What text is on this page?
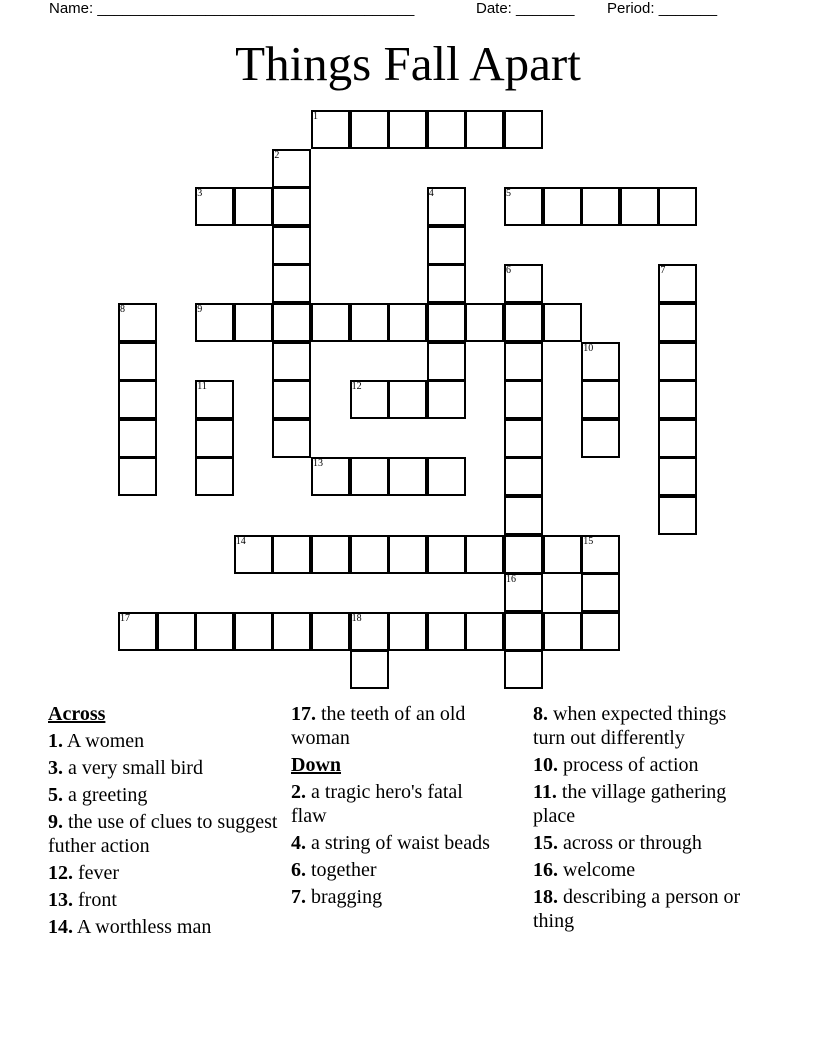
Name: ______________________________________	Date: _______ Period: _______
Things Fall Apart
1
2
3	4	5
6	7
8	9
10
11	12
13
14	15
16
17	18
Across
1. A women
3. a very small bird
5. a greeting
9. the use of clues to suggest futher action
12. fever
13. front
14. A worthless man
17. the teeth of an old woman
Down
2. a tragic hero's fatal flaw
4. a string of waist beads
6. together
7. bragging
8. when expected things turn out differently
10. process of action
11. the village gathering place
15. across or through
16. welcome
18. describing a person or thing
